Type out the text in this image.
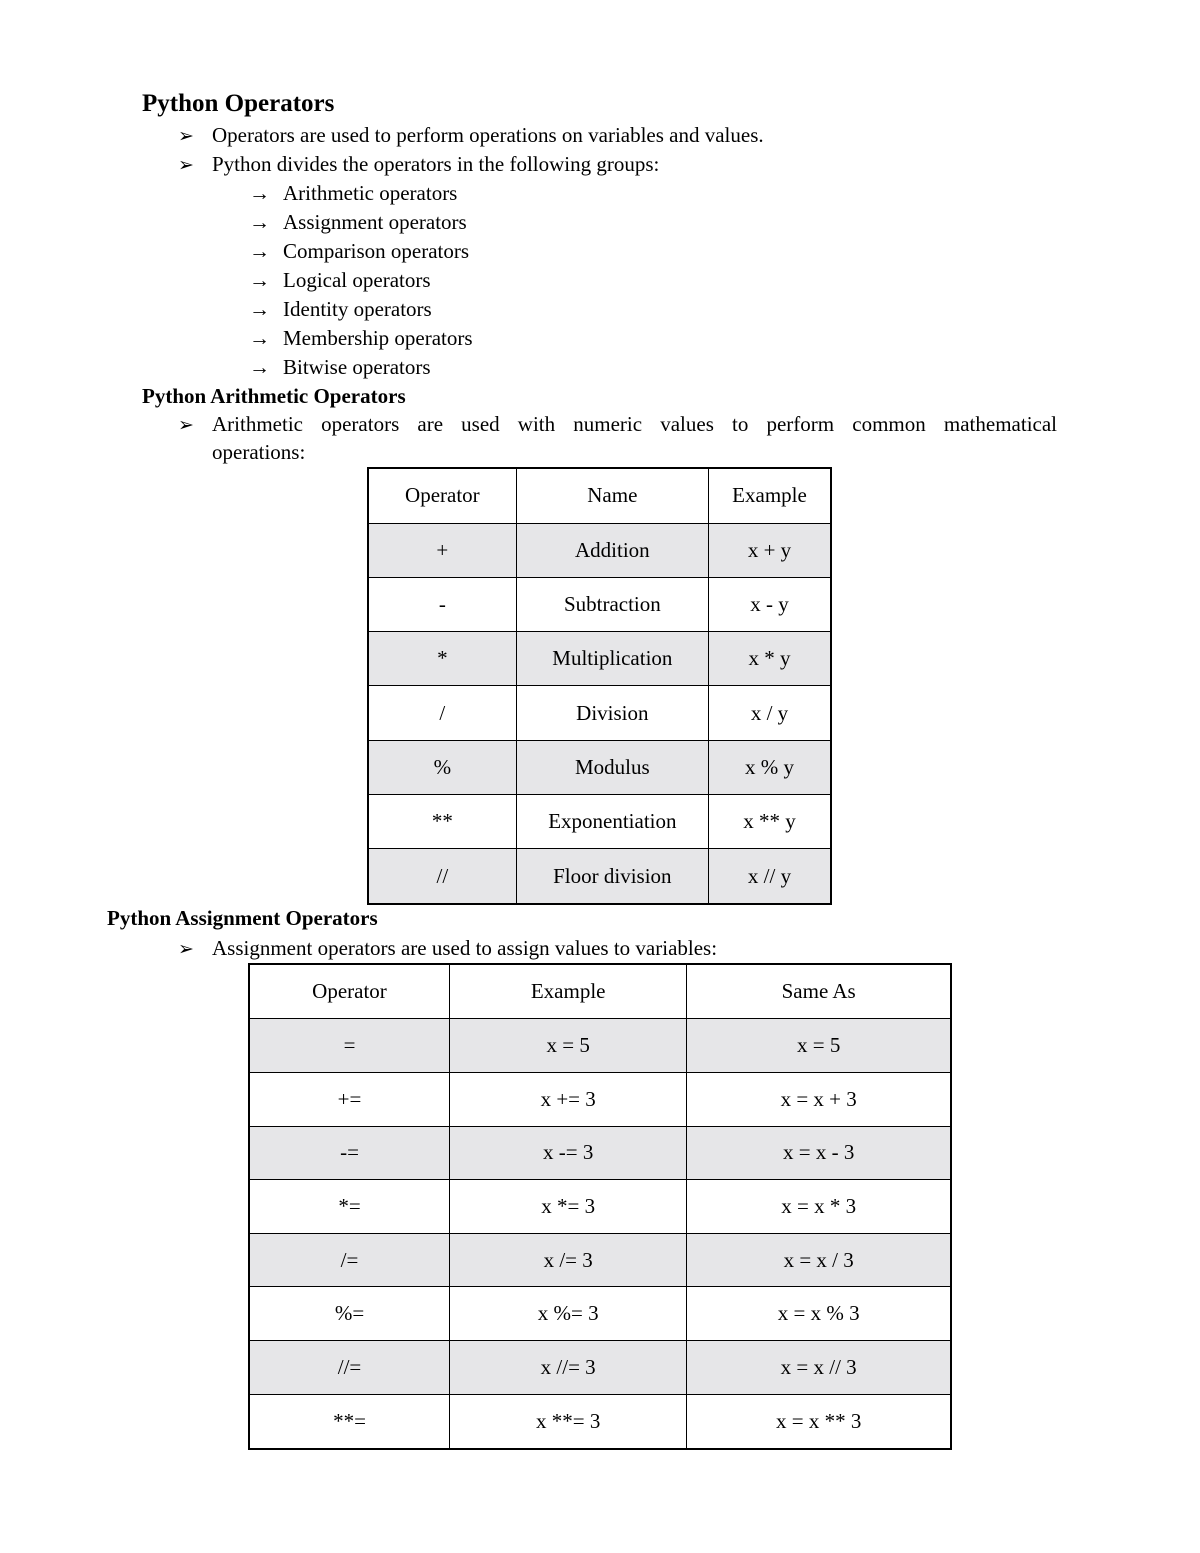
Python Operators
➢ Operators are used to perform operations on variables and values.
➢ Python divides the operators in the following groups:
→ Arithmetic operators
→ Assignment operators
→ Comparison operators
→ Logical operators
→ Identity operators
→ Membership operators
→ Bitwise operators
Python Arithmetic Operators
➢ Arithmetic operators are used with numeric values to perform common mathematical
operations:
Operator	Name	Example
+	Addition	x + y
-	Subtraction	x - y
*	Multiplication	x * y
/	Division	x / y
%	Modulus	x % y
**	Exponentiation	x ** y
//	Floor division	x // y
Python Assignment Operators
➢ Assignment operators are used to assign values to variables:
Operator	Example	Same As
=	x = 5	x = 5
+=	x += 3	x = x + 3
-=	x -= 3	x = x - 3
*=	x *= 3	x = x * 3
/=	x /= 3	x = x / 3
%=	x %= 3	x = x % 3
//=	x //= 3	x = x // 3
**=	x **= 3	x = x ** 3
